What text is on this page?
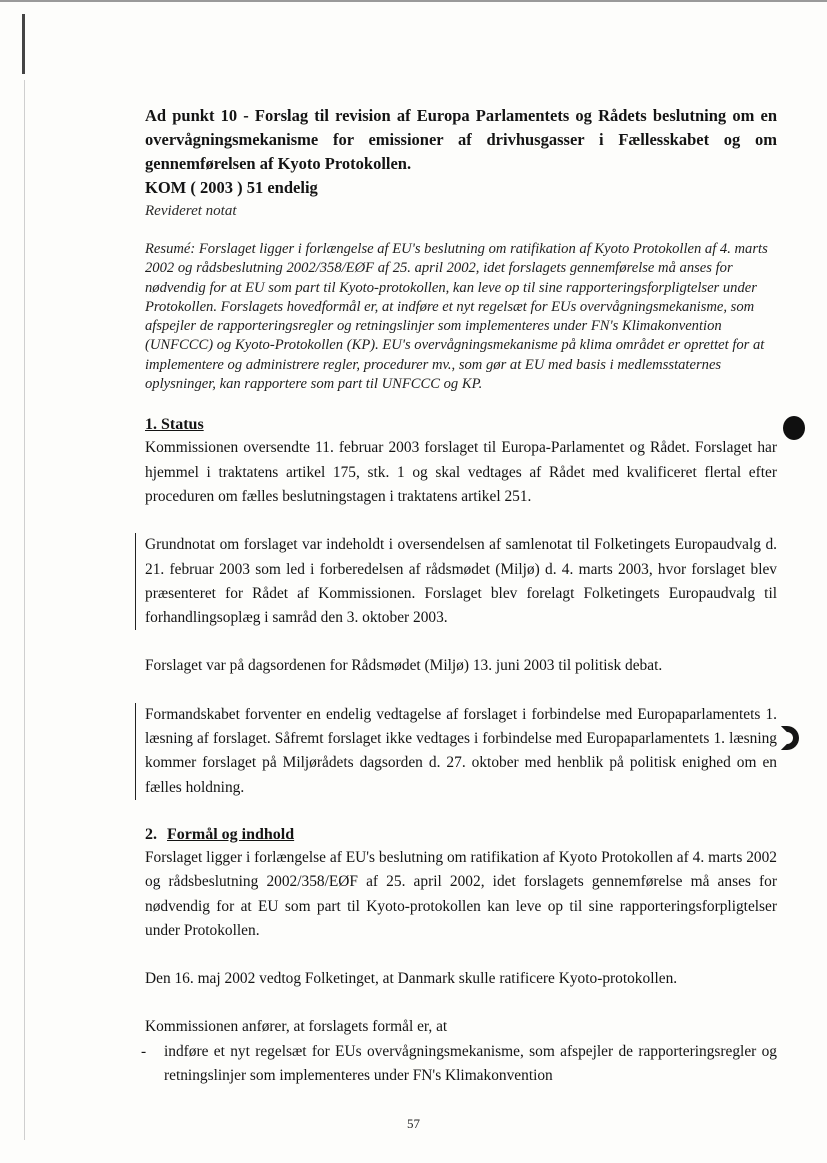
Ad punkt 10 - Forslag til revision af Europa Parlamentets og Rådets beslutning om en overvågningsmekanisme for emissioner af drivhusgasser i Fællesskabet og om gennemførelsen af Kyoto Protokollen.

KOM ( 2003 ) 51 endelig

Revideret notat

Resumé: Forslaget ligger i forlængelse af EU's beslutning om ratifikation af Kyoto Protokollen af 4. marts 2002 og rådsbeslutning 2002/358/EØF af 25. april 2002, idet forslagets gennemførelse må anses for nødvendig for at EU som part til Kyoto-protokollen, kan leve op til sine rapporteringsforpligtelser under Protokollen. Forslagets hovedformål er, at indføre et nyt regelsæt for EUs overvågningsmekanisme, som afspejler de rapporteringsregler og retningslinjer som implementeres under FN's Klimakonvention (UNFCCC) og Kyoto-Protokollen (KP). EU's overvågningsmekanisme på klima området er oprettet for at implementere og administrere regler, procedurer mv., som gør at EU med basis i medlemsstaternes oplysninger, kan rapportere som part til UNFCCC og KP.

1. Status

Kommissionen oversendte 11. februar 2003 forslaget til Europa-Parlamentet og Rådet. Forslaget har hjemmel i traktatens artikel 175, stk. 1 og skal vedtages af Rådet med kvalificeret flertal efter proceduren om fælles beslutningstagen i traktatens artikel 251.

Grundnotat om forslaget var indeholdt i oversendelsen af samlenotat til Folketingets Europaudvalg d. 21. februar 2003 som led i forberedelsen af rådsmødet (Miljø) d. 4. marts 2003, hvor forslaget blev præsenteret for Rådet af Kommissionen. Forslaget blev forelagt Folketingets Europaudvalg til forhandlingsoplæg i samråd den 3. oktober 2003.

Forslaget var på dagsordenen for Rådsmødet (Miljø) 13. juni 2003 til politisk debat.

Formandskabet forventer en endelig vedtagelse af forslaget i forbindelse med Europaparlamentets 1. læsning af forslaget. Såfremt forslaget ikke vedtages i forbindelse med Europaparlamentets 1. læsning kommer forslaget på Miljørådets dagsorden d. 27. oktober med henblik på politisk enighed om en fælles holdning.

2. Formål og indhold

Forslaget ligger i forlængelse af EU's beslutning om ratifikation af Kyoto Protokollen af 4. marts 2002 og rådsbeslutning 2002/358/EØF af 25. april 2002, idet forslagets gennemførelse må anses for nødvendig for at EU som part til Kyoto-protokollen kan leve op til sine rapporteringsforpligtelser under Protokollen.

Den 16. maj 2002 vedtog Folketinget, at Danmark skulle ratificere Kyoto-protokollen.

Kommissionen anfører, at forslagets formål er, at

-	indføre et nyt regelsæt for EUs overvågningsmekanisme, som afspejler de rapporteringsregler og retningslinjer som implementeres under FN's Klimakonvention
57
